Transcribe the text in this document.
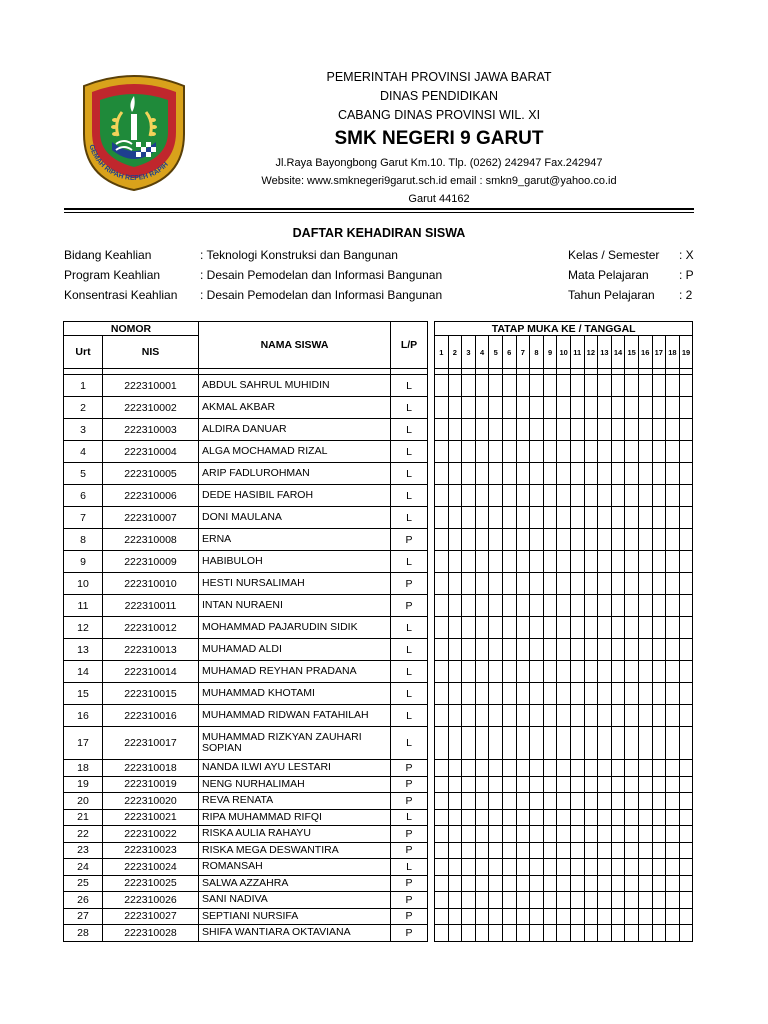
GEMAH RIPAH REPEH RAPIH
PEMERINTAH PROVINSI JAWA BARAT
DINAS PENDIDIKAN
CABANG DINAS PROVINSI WIL. XI
SMK NEGERI 9 GARUT
Jl.Raya Bayongbong Garut Km.10. Tlp. (0262) 242947 Fax.242947
Website: www.smknegeri9garut.sch.id email : smkn9_garut@yahoo.co.id
Garut 44162
DAFTAR KEHADIRAN SISWA
Bidang Keahlian	: Teknologi Konstruksi dan Bangunan
Program Keahlian	: Desain Pemodelan dan Informasi Bangunan
Konsentrasi Keahlian : Desain Pemodelan dan Informasi Bangunan
Kelas / Semester : X
Mata Pelajaran	: P
Tahun Pelajaran : 2
NOMOR		NAMA SISWA	L/P		TATAP MUKA KE / TANGGAL																		
Urt	NIS				1	2	3	4	5	6	7	8	9	10	11	12	13	14	15	16	17	18	19

1	222310001	ABDUL SAHRUL MUHIDIN	L																				
2	222310002	AKMAL AKBAR	L																				
3	222310003	ALDIRA DANUAR	L																				
4	222310004	ALGA MOCHAMAD RIZAL	L																				
5	222310005	ARIP FADLUROHMAN	L																				
6	222310006	DEDE HASIBIL FAROH	L																				
7	222310007	DONI MAULANA	L																				
8	222310008	ERNA	P																				
9	222310009	HABIBULOH	L																				
10	222310010	HESTI NURSALIMAH	P																				
11	222310011	INTAN NURAENI	P																				
12	222310012	MOHAMMAD PAJARUDIN SIDIK	L																				
13	222310013	MUHAMAD ALDI	L																				
14	222310014	MUHAMAD REYHAN PRADANA	L																				
15	222310015	MUHAMMAD KHOTAMI	L																				
16	222310016	MUHAMMAD RIDWAN FATAHILAH	L																				
17	222310017	MUHAMMAD RIZKYAN ZAUHARI SOPIAN	L																				
18	222310018	NANDA ILWI AYU LESTARI	P																				
19	222310019	NENG NURHALIMAH	P																				
20	222310020	REVA RENATA	P																				
21	222310021	RIPA MUHAMMAD RIFQI	L																				
22	222310022	RISKA AULIA RAHAYU	P																				
23	222310023	RISKA MEGA DESWANTIRA	P																				
24	222310024	ROMANSAH	L																				
25	222310025	SALWA AZZAHRA	P																				
26	222310026	SANI NADIVA	P																				
27	222310027	SEPTIANI NURSIFA	P																				
28	222310028	SHIFA WANTIARA OKTAVIANA	P																				
